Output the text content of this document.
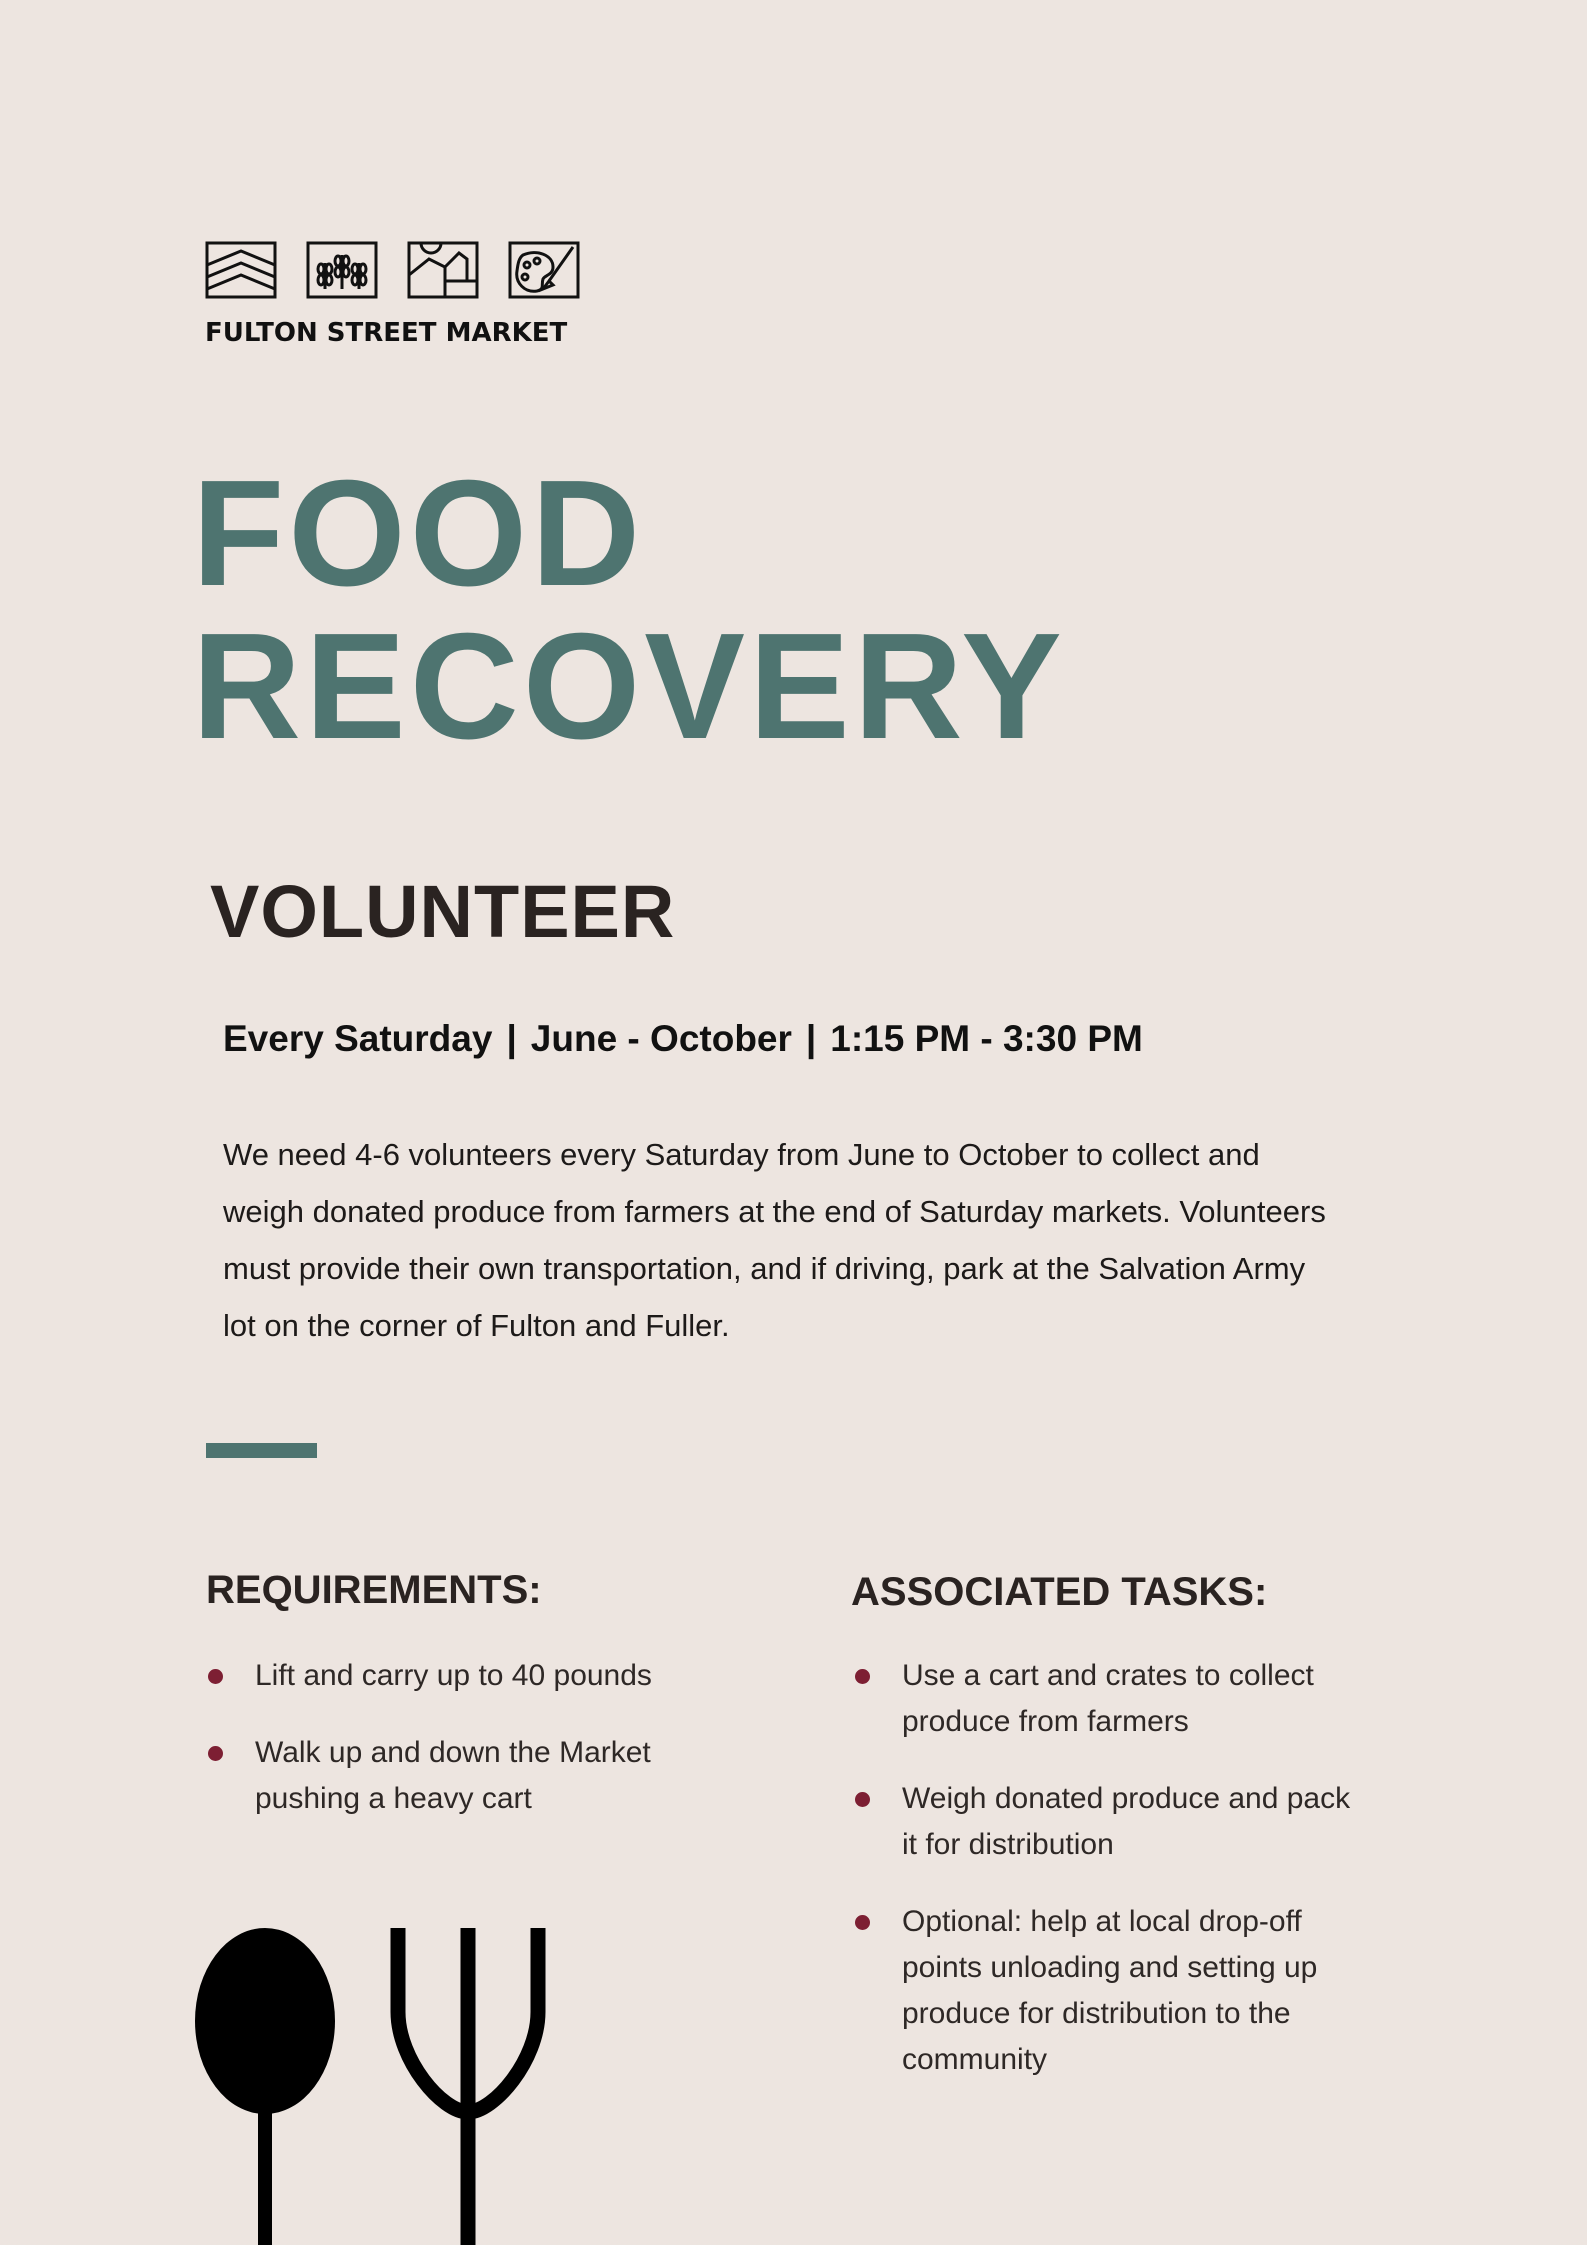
FULTON STREET MARKET
FOOD
RECOVERY
VOLUNTEER
Every Saturday | June - October | 1:15 PM - 3:30 PM
We need 4-6 volunteers every Saturday from June to October to collect and weigh donated produce from farmers at the end of Saturday markets. Volunteers must provide their own transportation, and if driving, park at the Salvation Army lot on the corner of Fulton and Fuller.
REQUIREMENTS:
Lift and carry up to 40 pounds
Walk up and down the Market pushing a heavy cart
ASSOCIATED TASKS:
Use a cart and crates to collect produce from farmers
Weigh donated produce and pack it for distribution
Optional: help at local drop-off points unloading and setting up produce for distribution to the community
